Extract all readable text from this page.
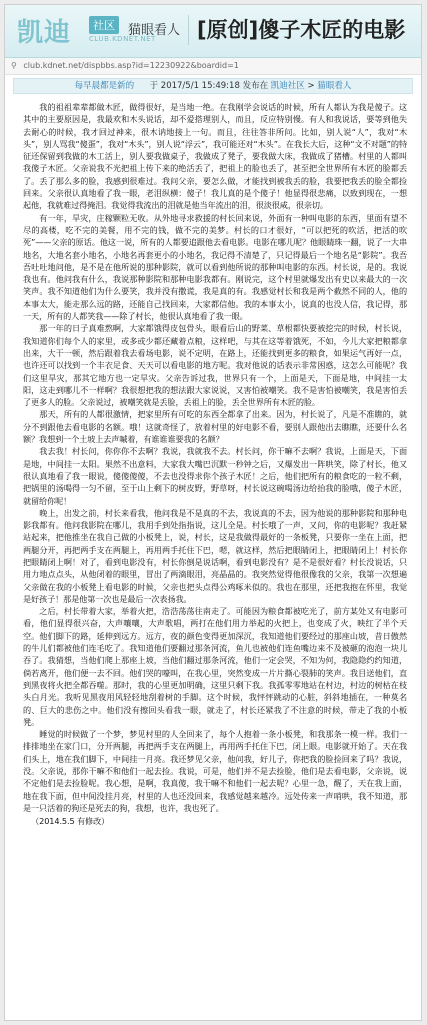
凯迪	社区
CLUB.KDNET.NET
猫眼看人 [原创]傻子木匠的电影
⚲ club.kdnet.net/dispbbs.asp?id=12230922&boardid=1
每早晨都是新的 于 2017/5/1 15:49:18 发布在 凯迪社区 > 猫眼看人

我的祖祖辈辈都做木匠，做得很好，是当地一绝。在我刚学会说话的时候，所有人都认为我是傻子。这其中的主要原因是，我最欢和木头说话，却不爱搭理别人，而且，反应特别慢。有人和我说话，要等到他失去耐心的时候，我才回过神来，很木讷地接上一句。而且，往往答非所问。比如，别人说“人”，我对“木头”，别人骂我“傻蛋”，我对“木头”，别人说“浮云”，我可能还对“木头”。在我长大后，这种“文不对题”的特征还保留到我做的木工活上，别人要我做桌子，我做成了凳子，要我做大床，我做成了猪槽。村里的人都叫我傻子木匠。父亲说我不光把祖上传下来的绝活丢了，把祖上的脸也丢了，甚至把全世界所有木匠的脸都丢了。丢了那么多的脸，我感到很难过。我问父亲，要怎么做，才能找到被我丢的脸，我要把我丢的脸全都捡回来。父亲很认真地看了我一眼，老泪纵横：傻子！我儿真的是个傻子！他显得很悲痛，以致到现在，一想起他，我就难过得掩泪。我觉得我流出的泪就是他当年流出的泪，很淡很咸，很亲切。

有一年，旱灾，庄稼颗粒无收。从外地寻求救援的村长回来说，外面有一种叫电影的东西，里面有望不尽的高楼，吃不完的美餐，用不完的钱，做不完的美梦。村长的口才很好，“可以把死的吹活，把活的吹死”——父亲的原话。他这一说，所有的人都要追跟他去看电影。电影在哪儿呢？他眼睛珠一翻，说了一大串地名，大地名套小地名，小地名再套更小的小地名，我记得不清楚了，只记得最后一个地名是“影院”。我吾吾吐吐地问他，是不是在他所说的那种影院，就可以看到他所说的那种叫电影的东西。村长说，是的。我说我也有。他问我有什么，我说那种影院和那种电影我都有。刚说完，这个村里就爆发出有史以来最大的一次笑声。我不知道他们为什么要笑，我并没有撒谎，我是真的有。我感觉村长和我是两个截然不同的人，他的本事太大，能走那么远的路，还能自己找回来，大家都信他。我的本事太小，说真的也没人信，我记得，那一天，所有的人都笑我——除了村长，他很认真地看了我一眼。

那一年的日子真难熬啊，大家都饿得皮包骨头，眼看后山的野菜、草根都快要被挖完的时候，村长说，我知道你们每个人的家里，或多或少都还藏着点粮，这样吧，与其在这等着饿死，不如，今儿大家把粮都拿出来，大干一顿，然后跟着我去看场电影，说不定明，在路上，还能找到更多的粮食，如果运气再好一点，也许还可以找到一个丰衣足食、天天可以看电影的地方呢。我对他说的话表示非常困惑，这怎么可能呢？我们这里旱灾，那其它地方也一定旱灾。父亲告诉过我，世界只有一个，上面是天，下面是地，中间挂一太阳，这走到哪儿不一样啊？我很想把我的想法跟大家说说，又害怕被嘲笑。我不是害怕被嘲笑，我是害怕丢了更多人的脸。父亲说过，被嘲笑就是丢脸，丢祖上的脸，丢全世界所有木匠的脸。

那天，所有的人都很激情，把家里所有可吃的东西全都拿了出来。因为，村长说了，凡是不准瞧的，就分不到跟他去看电影的名额。哦！这就奇怪了，放着村里的好电影不看，要别人跟他出去瞧瞧，还要什么名额？我想到一个土坡上去声嘁着，有谁谁谁要我的名额？

我去我！村长问，你你你不去啊？我说，我就我不去。村长问，你干嘛不去啊？我说，上面是天，下面是地，中间挂一太阳。果然不出意料，大家我大嘴巴沉默一秒钟之后，又爆发出一阵哄笑，除了村长，他又很认真地看了我一眼说，傻傻傻傻，不去也没得求你个孩子木匠！之后，他们把所有的粮食吃的一粒不剩，把锅里的汤喝得一匀不留，至于山上剩下的树皮野，野草呀，村长说这碗喝汤边给抬我的脸哦，傻子木匠，就留给你呢！

晚上，出发之前，村长来看我，他问我是不是真的不去，我说真的不去，因为他说的那种影院和那种电影我都有。他问我影院在哪儿，我用手到处指指说，这儿全是。村长哦了一声，又问，你的电影呢？我赶紧站起来，把他推坐在我自己做的小板凳上，说，村长，这是我做得最好的一条板凳，只要你一坐在上面，把两腿分开，再把两手支在两腿上，再用两手托住下巴，嗯，就这样，然后把眼睛闭上，把眼睛闭上！村长你把眼睛闭上啊！对了，看到电影没有，村长你倒是说话啊，看到电影没有？是不是很好看？村长没说话，只用力地点点头，从他闭着的眼里，冒出了两滴眼泪，亮晶晶的。我突然觉得他很像我的父亲，我第一次想遍父亲做在我的小板凳上看电影的时候，父亲也把头点得公鸡啄米似的。我也在那里，还把我抱在怀里，我觉是好孩子！那是他第一次也是最后一次表扬我。

之后，村长带着大家，举着火把，浩浩荡荡往南走了。可能因为粮食都被吃光了，前方某处又有电影可看，他们显得很兴奋，大声嚷嚷，大声歌唱，两打在他们用力举起的火把上，也变成了火，映红了半个天空。他们脚下的路，延伸到远方。远方，夜的颜色变得更加深沉，我知道他们要经过的那座山坡，昔日傲然的牛儿们都被他们连毛吃了。我知道他们要翻过那条河流，鱼儿也被他们连鱼嘴边来不及被砸的泡泡一块儿吞了。我猜想，当他们爬上那座上坡，当他们翻过那条河流，他们一定会哭，不知为何，我隐隐约约知道，倘若离开，他们便一去不回。他们哭的嚎叫，在我心里，突然变成一片片撕心裂肺的笑声。我目送他们，直到黑夜将火把全都吞噬。那时，我的心里更加明确，这里只剩下我。我孤零零地站在村边，村边的树枯在枝头白月光。我听见黑夜用风轻轻地刮着树的手脚。这个时候，我怦怦跳动的心脏，斜斜地插在，一种莫名的、巨大的悲伤之中。他们没有擦回头看我一眼，就走了，村长还紧我了不注意的时候，带走了我的小板凳。

睡觉的时候做了一个梦，梦见村里的人全回来了，每个人抱着一条小板凳，和我那条一模一样。我们一排排地坐在家门口，分开两腿，再把两手支在两腿上，再用两手托住下巴，闭上眼。电影就开始了。天在我们头上，地在我们脚下，中间挂一月亮。我还梦见父亲，他问我，好儿子，你把我的脸捡回来了吗？我说，没。父亲说，那你干嘛不和他们一起去捡。我说，可是，他们并不是去捡脸，他们是去看电影，父亲说，说不定他们是去捡脸呢。我心想，是啊，我真傻，我干嘛不和他们一起去呢？心里一急，醒了，天在我上面，地在我下面，但中间没挂月亮，村里的人也还没回来，我感觉越来越冷。远处传来一声哨哄，我不知道，那是一只活着的狗还是死去的狗，我想，也许，我也死了。

（2014.5.5 有修改）
